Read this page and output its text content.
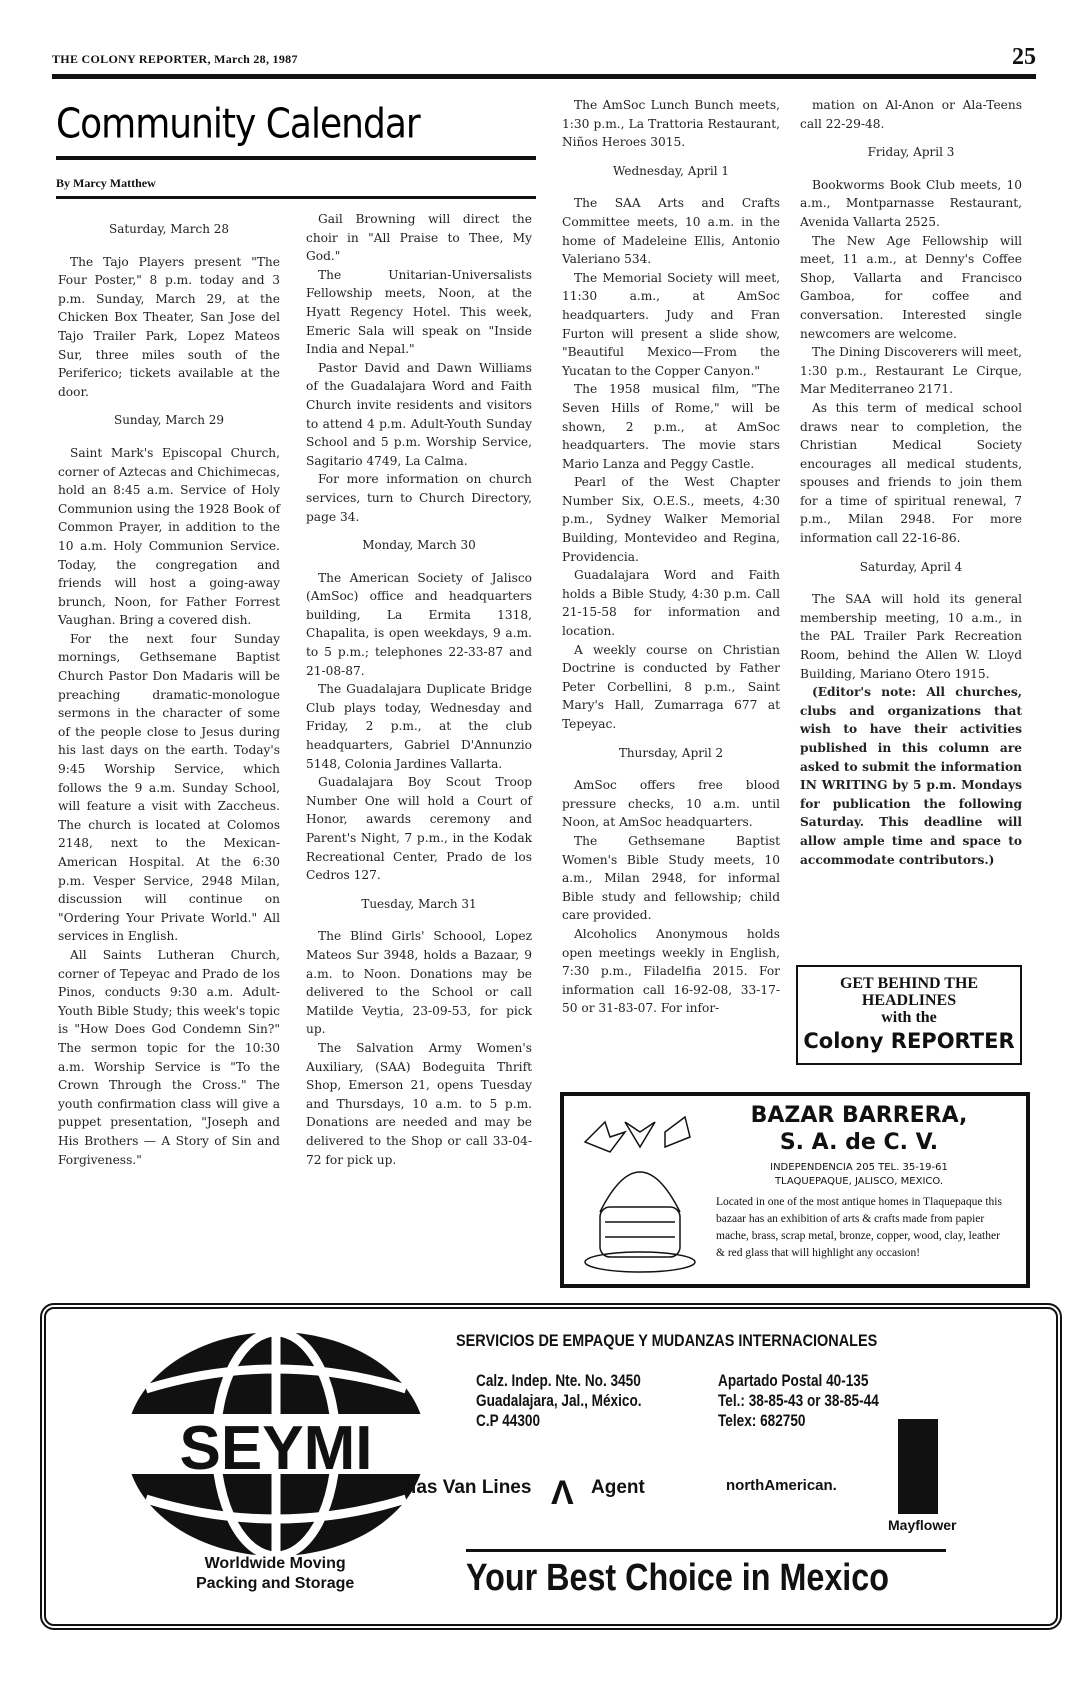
THE COLONY REPORTER, March 28, 1987	25
Community Calendar
By Marcy Matthew
Saturday, March 28

The Tajo Players present "The Four Poster," 8 p.m. today and 3 p.m. Sunday, March 29, at the Chicken Box Theater, San Jose del Tajo Trailer Park, Lopez Mateos Sur, three miles south of the Periferico; tickets available at the door.

Sunday, March 29

Saint Mark's Episcopal Church, corner of Aztecas and Chichimecas, hold an 8:45 a.m. Service of Holy Communion using the 1928 Book of Common Prayer, in addition to the 10 a.m. Holy Communion Service. Today, the congregation and friends will host a going-away brunch, Noon, for Father Forrest Vaughan. Bring a covered dish.

For the next four Sunday mornings, Gethsemane Baptist Church Pastor Don Madaris will be preaching dramatic-monologue sermons in the character of some of the people close to Jesus during his last days on the earth. Today's 9:45 Worship Service, which follows the 9 a.m. Sunday School, will feature a visit with Zaccheus. The church is located at Colomos 2148, next to the Mexican-American Hospital. At the 6:30 p.m. Vesper Service, 2948 Milan, discussion will continue on "Ordering Your Private World." All services in English.

All Saints Lutheran Church, corner of Tepeyac and Prado de los Pinos, conducts 9:30 a.m. Adult-Youth Bible Study; this week's topic is "How Does God Condemn Sin?" The sermon topic for the 10:30 a.m. Worship Service is "To the Crown Through the Cross." The youth confirmation class will give a puppet presentation, "Joseph and His Brothers — A Story of Sin and Forgiveness."

Gail Browning will direct the choir in "All Praise to Thee, My God."

The Unitarian-Universalists Fellowship meets, Noon, at the Hyatt Regency Hotel. This week, Emeric Sala will speak on "Inside India and Nepal."

Pastor David and Dawn Williams of the Guadalajara Word and Faith Church invite residents and visitors to attend 4 p.m. Adult-Youth Sunday School and 5 p.m. Worship Service, Sagitario 4749, La Calma.

For more information on church services, turn to Church Directory, page 34.

Monday, March 30

The American Society of Jalisco (AmSoc) office and headquarters building, La Ermita 1318, Chapalita, is open weekdays, 9 a.m. to 5 p.m.; telephones 22-33-87 and 21-08-87.

The Guadalajara Duplicate Bridge Club plays today, Wednesday and Friday, 2 p.m., at the club headquarters, Gabriel D'Annunzio 5148, Colonia Jardines Vallarta.

Guadalajara Boy Scout Troop Number One will hold a Court of Honor, awards ceremony and Parent's Night, 7 p.m., in the Kodak Recreational Center, Prado de los Cedros 127.

Tuesday, March 31

The Blind Girls' Schoool, Lopez Mateos Sur 3948, holds a Bazaar, 9 a.m. to Noon. Donations may be delivered to the School or call Matilde Veytia, 23-09-53, for pick up.

The Salvation Army Women's Auxiliary, (SAA) Bodeguita Thrift Shop, Emerson 21, opens Tuesday and Thursdays, 10 a.m. to 5 p.m. Donations are needed and may be delivered to the Shop or call 33-04-72 for pick up.

The AmSoc Lunch Bunch meets, 1:30 p.m., La Trattoria Restaurant, Niños Heroes 3015.

Wednesday, April 1

The SAA Arts and Crafts Committee meets, 10 a.m. in the home of Madeleine Ellis, Antonio Valeriano 534.

The Memorial Society will meet, 11:30 a.m., at AmSoc headquarters. Judy and Fran Furton will present a slide show, "Beautiful Mexico—From the Yucatan to the Copper Canyon."

The 1958 musical film, "The Seven Hills of Rome," will be shown, 2 p.m., at AmSoc headquarters. The movie stars Mario Lanza and Peggy Castle.

Pearl of the West Chapter Number Six, O.E.S., meets, 4:30 p.m., Sydney Walker Memorial Building, Montevideo and Regina, Providencia.

Guadalajara Word and Faith holds a Bible Study, 4:30 p.m. Call 21-15-58 for information and location.

A weekly course on Christian Doctrine is conducted by Father Peter Corbellini, 8 p.m., Saint Mary's Hall, Zumarraga 677 at Tepeyac.

Thursday, April 2

AmSoc offers free blood pressure checks, 10 a.m. until Noon, at AmSoc headquarters.

The Gethsemane Baptist Women's Bible Study meets, 10 a.m., Milan 2948, for informal Bible study and fellowship; child care provided.

Alcoholics Anonymous holds open meetings weekly in English, 7:30 p.m., Filadelfia 2015. For information call 16-92-08, 33-17-50 or 31-83-07. For infor-

mation on Al-Anon or Ala-Teens call 22-29-48.

Friday, April 3

Bookworms Book Club meets, 10 a.m., Montparnasse Restaurant, Avenida Vallarta 2525.

The New Age Fellowship will meet, 11 a.m., at Denny's Coffee Shop, Vallarta and Francisco Gamboa, for coffee and conversation. Interested single newcomers are welcome.

The Dining Discoverers will meet, 1:30 p.m., Restaurant Le Cirque, Mar Mediterraneo 2171.

As this term of medical school draws near to completion, the Christian Medical Society encourages all medical students, spouses and friends to join them for a time of spiritual renewal, 7 p.m., Milan 2948. For more information call 22-16-86.

Saturday, April 4

The SAA will hold its general membership meeting, 10 a.m., in the PAL Trailer Park Recreation Room, behind the Allen W. Lloyd Building, Mariano Otero 1915.

(Editor's note: All churches, clubs and organizations that wish to have their activities published in this column are asked to submit the information IN WRITING by 5 p.m. Mondays for publication the following Saturday. This deadline will allow ample time and space to accommodate contributors.)

GET BEHIND THE
HEADLINES
with the
Colony REPORTER
BAZAR BARRERA,
S. A. de C. V.
INDEPENDENCIA 205 TEL. 35-19-61
TLAQUEPAQUE, JALISCO, MEXICO.
Located in one of the most antique homes in Tlaquepaque this bazaar has an exhibition of arts & crafts made from papier mache, brass, scrap metal, bronze, copper, wood, clay, leather & red glass that will highlight any occasion!
SEYMI
Worldwide Moving
Packing and Storage
SERVICIOS DE EMPAQUE Y MUDANZAS INTERNACIONALES
Calz. Indep. Nte. No. 3450
Guadalajara, Jal., México.
C.P 44300
Apartado Postal 40-135
Tel.: 38-85-43 or 38-85-44
Telex: 682750
Atlas Van Lines Λ Agent	northAmerican.
Mayflower
Your Best Choice in Mexico
